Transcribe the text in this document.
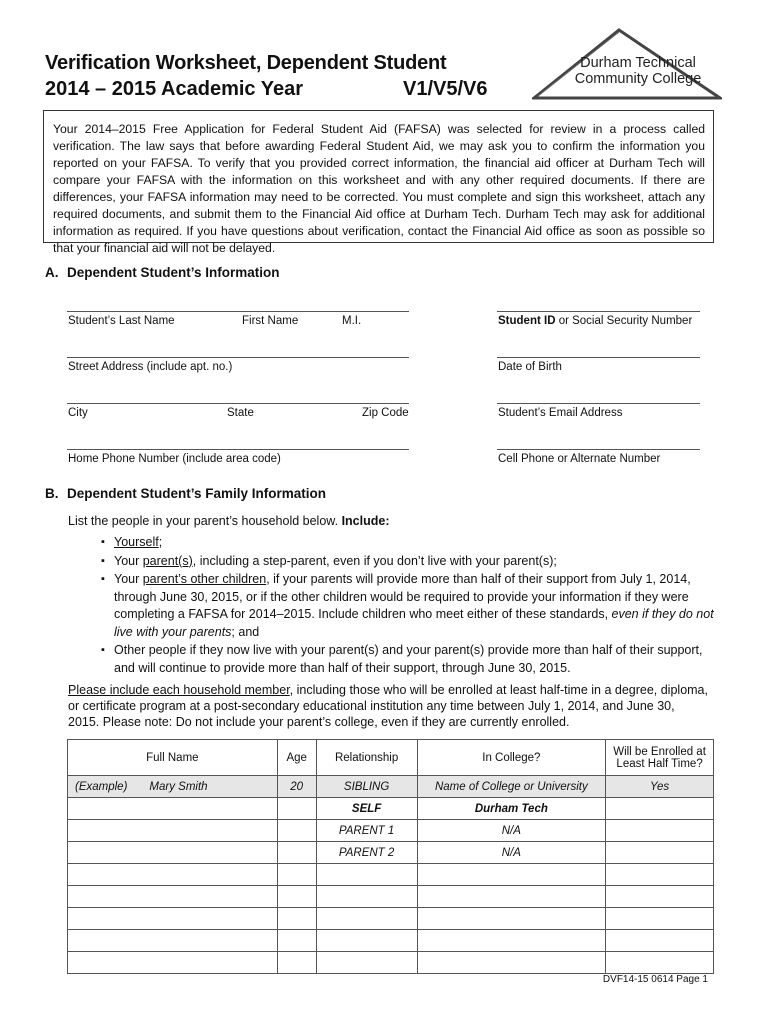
Verification Worksheet, Dependent Student
2014 – 2015 Academic Year	V1/V5/V6
Durham Technical
Community College
Your 2014–2015 Free Application for Federal Student Aid (FAFSA) was selected for review in a process called verification. The law says that before awarding Federal Student Aid, we may ask you to confirm the information you reported on your FAFSA. To verify that you provided correct information, the financial aid officer at Durham Tech will compare your FAFSA with the information on this worksheet and with any other required documents. If there are differences, your FAFSA information may need to be corrected. You must complete and sign this worksheet, attach any required documents, and submit them to the Financial Aid office at Durham Tech. Durham Tech may ask for additional information as required. If you have questions about verification, contact the Financial Aid office as soon as possible so that your financial aid will not be delayed.
A. Dependent Student’s Information
Student’s Last Name	First Name	M.I.	Student ID or Social Security Number
Street Address (include apt. no.)	Date of Birth
City	State	Zip Code	Student’s Email Address
Home Phone Number (include area code)	Cell Phone or Alternate Number
B. Dependent Student’s Family Information
List the people in your parent’s household below. Include:
▪ Yourself;
▪ Your parent(s), including a step-parent, even if you don’t live with your parent(s);
▪ Your parent’s other children, if your parents will provide more than half of their support from July 1, 2014, through June 30, 2015, or if the other children would be required to provide your information if they were completing a FAFSA for 2014–2015. Include children who meet either of these standards, even if they do not live with your parents; and
▪ Other people if they now live with your parent(s) and your parent(s) provide more than half of their support, and will continue to provide more than half of their support, through June 30, 2015.
Please include each household member, including those who will be enrolled at least half-time in a degree, diploma, or certificate program at a post-secondary educational institution any time between July 1, 2014, and June 30, 2015. Please note: Do not include your parent’s college, even if they are currently enrolled.
Full Name	Age	Relationship	In College?	Will be Enrolled at Least Half Time?

(Example) Mary Smith	20	SIBLING	Name of College or University	Yes
		SELF	Durham Tech	
		PARENT 1	N/A	
		PARENT 2	N/A	

DVF14-15 0614 Page 1
